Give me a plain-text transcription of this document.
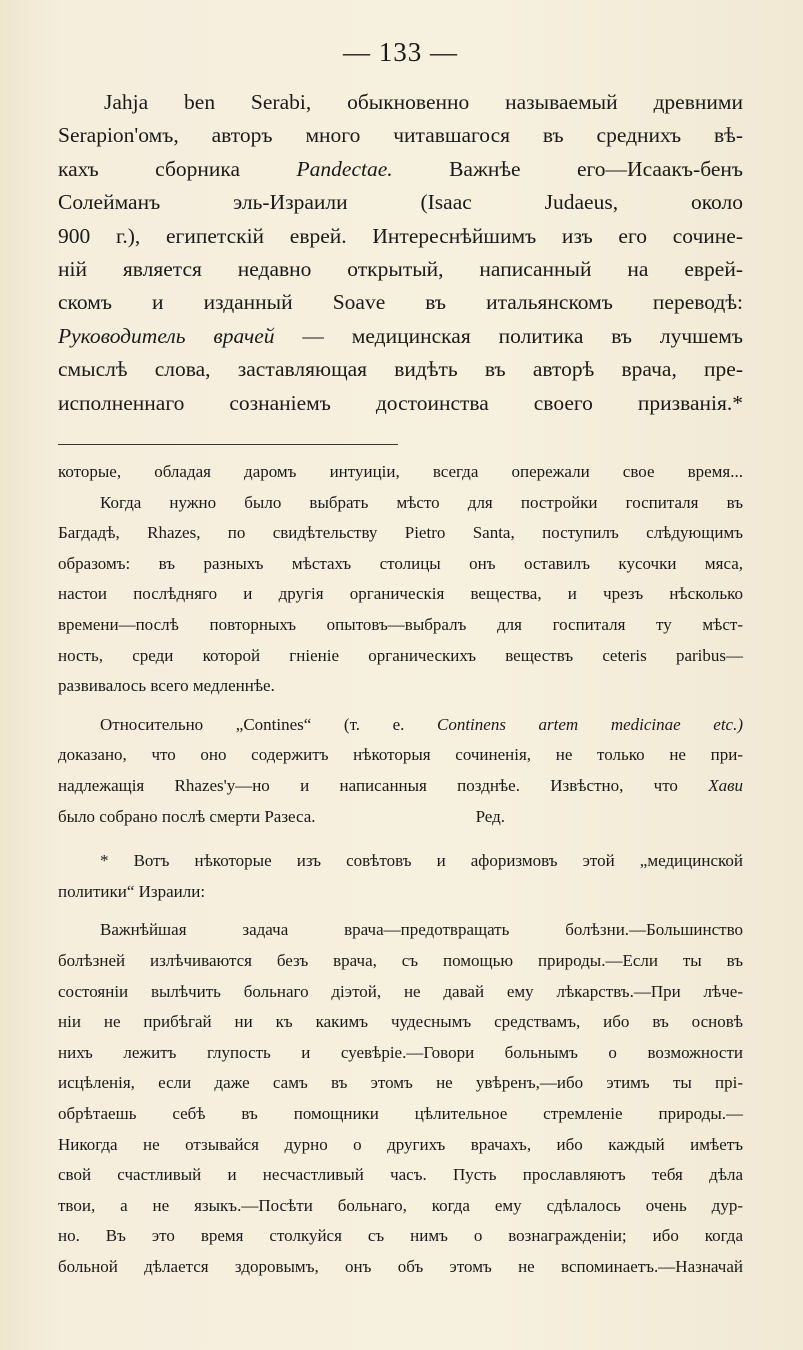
— 133 —

Jahja ben Serabi, обыкновенно называемый древними

Serapion'омъ, авторъ много читавшагося въ среднихъ вѣ-

кахъ сборника	Pandectae.	Важнѣе его—Исаакъ-бенъ

Солейманъ эль-Израили (Isaac Judaeus, около

900 г.), египетскій еврей. Интереснѣйшимъ изъ его сочине-

ній является недавно открытый, написанный на еврей-

скомъ и изданный Soave въ итальянскомъ переводѣ:

Руководитель врачей — медицинская политика въ лучшемъ

смыслѣ слова, заставляющая видѣть въ авторѣ врача, пре-

исполненнаго сознаніемъ достоинства своего призванія.*

которые, обладая даромъ интуиціи, всегда опережали свое время...

Когда нужно было выбрать мѣсто для постройки госпиталя въ

Багдадѣ, Rhazes, по свидѣтельству Pietro Santa, поступилъ слѣдующимъ

образомъ: въ разныхъ мѣстахъ столицы онъ оставилъ кусочки мяса,

настои послѣдняго и другія органическія вещества, и чрезъ нѣсколько

времени—послѣ повторныхъ опытовъ—выбралъ для госпиталя ту мѣст-

ность, среди которой гніеніе органическихъ веществъ ceteris paribus—

развивалось всего медленнѣе.

Относительно „Contines“ (т. е. Continens artem medicinae etc.)

доказано, что оно содержитъ нѣкоторыя сочиненія, не только не при-

надлежащія Rhazes'у—но и написанныя позднѣе. Извѣстно, что Хави

было собрано послѣ смерти Разеса.	Ред.

* Вотъ нѣкоторые изъ совѣтовъ и афоризмовъ этой „медицинской

политики“ Израили:

Важнѣйшая задача врача—предотвращать болѣзни.—Большинство

болѣзней излѣчиваются безъ врача, съ помощью природы.—Если ты въ

состояніи вылѣчить больнаго діэтой, не давай ему лѣкарствъ.—При лѣче-

ніи не прибѣгай ни къ какимъ чудеснымъ средствамъ, ибо въ основѣ

нихъ лежитъ глупость и суевѣріе.—Говори больнымъ о возможности

исцѣленія, если даже самъ въ этомъ не увѣренъ,—ибо этимъ ты прі-

обрѣтаешь себѣ въ помощники цѣлительное стремленіе природы.—

Никогда не отзывайся дурно о другихъ врачахъ, ибо каждый имѣетъ

свой счастливый и несчастливый часъ. Пусть прославляютъ тебя дѣла

твои, а не языкъ.—Посѣти больнаго, когда ему сдѣлалось очень дур-

но. Въ это время столкуйся съ нимъ о вознагражденіи; ибо когда

больной дѣлается здоровымъ, онъ объ этомъ не вспоминаетъ.—Назначай
